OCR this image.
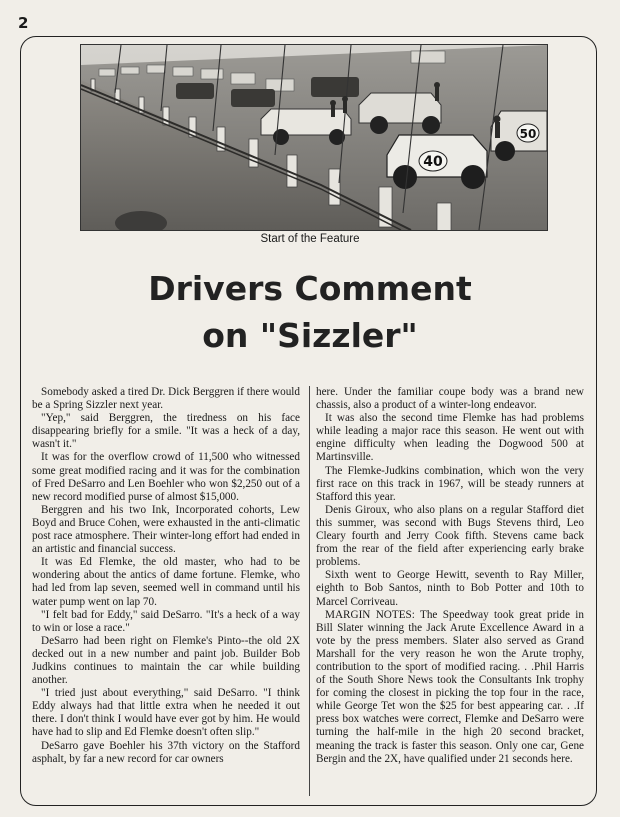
2
40
50
Start of the Feature
Drivers Comment
on "Sizzler"

Somebody asked a tired Dr. Dick Berggren if there would be a Spring Sizzler next year.

"Yep," said Berggren, the tiredness on his face disappearing briefly for a smile. "It was a heck of a day, wasn't it."

It was for the overflow crowd of 11,500 who witnessed some great modified racing and it was for the combination of Fred DeSarro and Len Boehler who won $2,250 out of a new record modified purse of almost $15,000.

Berggren and his two Ink, Incorporated cohorts, Lew Boyd and Bruce Cohen, were exhausted in the anti-climatic post race atmosphere. Their winter-long effort had ended in an artistic and financial success.

It was Ed Flemke, the old master, who had to be wondering about the antics of dame fortune. Flemke, who had led from lap seven, seemed well in command until his water pump went on lap 70.

"I felt bad for Eddy," said DeSarro. "It's a heck of a way to win or lose a race."

DeSarro had been right on Flemke's Pinto--the old 2X decked out in a new number and paint job. Builder Bob Judkins continues to maintain the car while building another.

"I tried just about everything," said DeSarro. "I think Eddy always had that little extra when he needed it out there. I don't think I would have ever got by him. He would have had to slip and Ed Flemke doesn't often slip."

DeSarro gave Boehler his 37th victory on the Stafford asphalt, by far a new record for car owners

here. Under the familiar coupe body was a brand new chassis, also a product of a winter-long endeavor.

It was also the second time Flemke has had problems while leading a major race this season. He went out with engine difficulty when leading the Dogwood 500 at Martinsville.

The Flemke-Judkins combination, which won the very first race on this track in 1967, will be steady runners at Stafford this year.

Denis Giroux, who also plans on a regular Stafford diet this summer, was second with Bugs Stevens third, Leo Cleary fourth and Jerry Cook fifth. Stevens came back from the rear of the field after experiencing early brake problems.

Sixth went to George Hewitt, seventh to Ray Miller, eighth to Bob Santos, ninth to Bob Potter and 10th to Marcel Corriveau.

MARGIN NOTES: The Speedway took great pride in Bill Slater winning the Jack Arute Excellence Award in a vote by the press members. Slater also served as Grand Marshall for the very reason he won the Arute trophy, contribution to the sport of modified racing. . .Phil Harris of the South Shore News took the Consultants Ink trophy for coming the closest in picking the top four in the race, while George Tet won the $25 for best appearing car. . .If press box watches were correct, Flemke and DeSarro were turning the half-mile in the high 20 second bracket, meaning the track is faster this season. Only one car, Gene Bergin and the 2X, have qualified under 21 seconds here.
